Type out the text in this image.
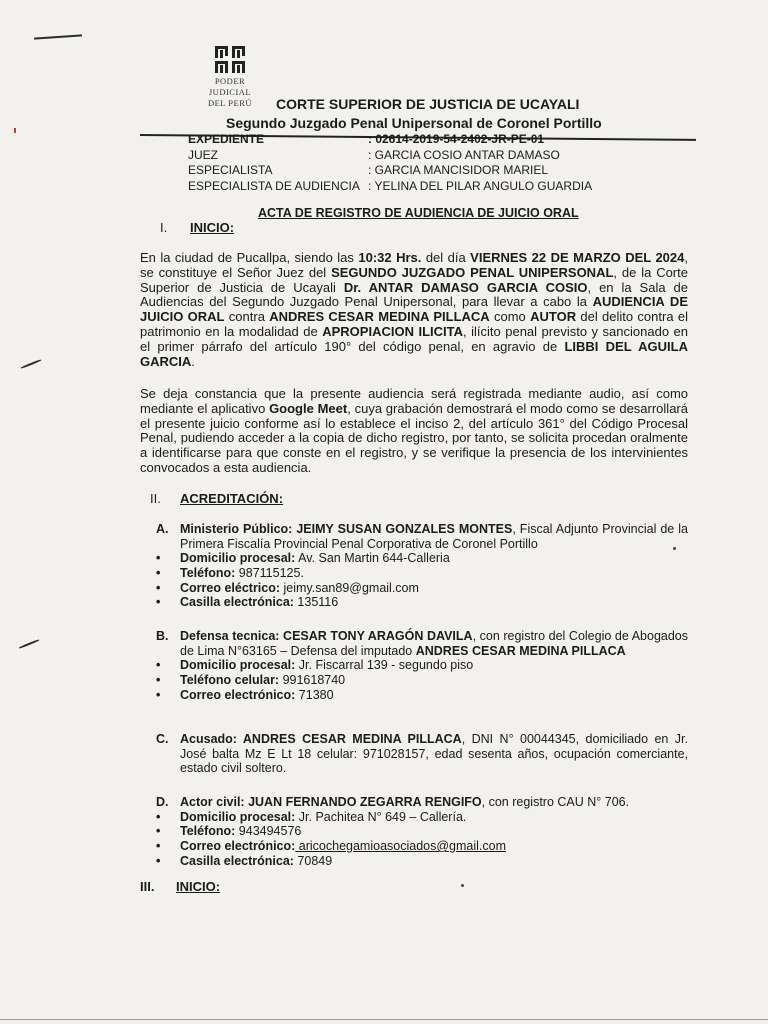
PODER JUDICIAL
DEL PERÚ	CORTE SUPERIOR DE JUSTICIA DE UCAYALI
Segundo Juzgado Penal Unipersonal de Coronel Portillo
EXPEDIENTE	: 02614-2019-54-2402-JR-PE-01
JUEZ	: GARCIA COSIO ANTAR DAMASO
ESPECIALISTA	: GARCIA MANCISIDOR MARIEL
ESPECIALISTA DE AUDIENCIA : YELINA DEL PILAR ANGULO GUARDIA
ACTA DE REGISTRO DE AUDIENCIA DE JUICIO ORAL
I. INICIO:
En la ciudad de Pucallpa, siendo las 10:32 Hrs. del día VIERNES 22 DE MARZO DEL 2024, se constituye el Señor Juez del SEGUNDO JUZGADO PENAL UNIPERSONAL, de la Corte Superior de Justicia de Ucayali Dr. ANTAR DAMASO GARCIA COSIO, en la Sala de Audiencias del Segundo Juzgado Penal Unipersonal, para llevar a cabo la AUDIENCIA DE JUICIO ORAL contra ANDRES CESAR MEDINA PILLACA como AUTOR del delito contra el patrimonio en la modalidad de APROPIACION ILICITA, ilícito penal previsto y sancionado en el primer párrafo del artículo 190° del código penal, en agravio de LIBBI DEL AGUILA GARCIA.
Se deja constancia que la presente audiencia será registrada mediante audio, así como mediante el aplicativo Google Meet, cuya grabación demostrará el modo como se desarrollará el presente juicio conforme así lo establece el inciso 2, del artículo 361° del Código Procesal Penal, pudiendo acceder a la copia de dicho registro, por tanto, se solicita procedan oralmente a identificarse para que conste en el registro, y se verifique la presencia de los intervinientes convocados a esta audiencia.
II. ACREDITACIÓN:
A. Ministerio Público: JEIMY SUSAN GONZALES MONTES, Fiscal Adjunto Provincial de la Primera Fiscalía Provincial Penal Corporativa de Coronel Portillo
•	Domicilio procesal: Av. San Martin 644-Calleria
•	Teléfono: 987115125.
•	Correo eléctrico: jeimy.san89@gmail.com
•	Casilla electrónica: 135116
B. Defensa tecnica: CESAR TONY ARAGÓN DAVILA, con registro del Colegio de Abogados de Lima N°63165 – Defensa del imputado ANDRES CESAR MEDINA PILLACA
•	Domicilio procesal: Jr. Fiscarral 139 - segundo piso
•	Teléfono celular: 991618740
•	Correo electrónico: 71380
C. Acusado: ANDRES CESAR MEDINA PILLACA, DNI N° 00044345, domiciliado en Jr. José balta Mz E Lt 18 celular: 971028157, edad sesenta años, ocupación comerciante, estado civil soltero.
D. Actor civil: JUAN FERNANDO ZEGARRA RENGIFO, con registro CAU N° 706.
•	Domicilio procesal: Jr. Pachitea N° 649 – Callería.
•	Teléfono: 943494576
•	Correo electrónico: aricochegamioasociados@gmail.com
•	Casilla electrónica: 70849
III. INICIO:
